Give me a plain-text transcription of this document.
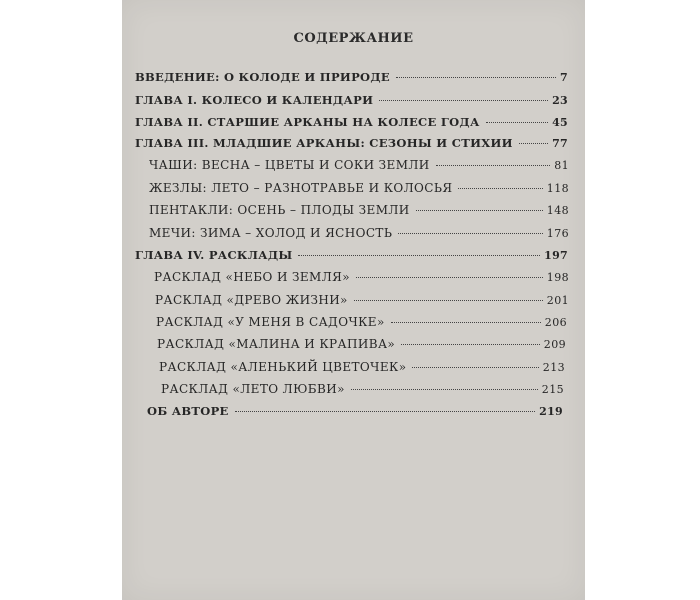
СОДЕРЖАНИЕ
ВВЕДЕНИЕ: О КОЛОДЕ И ПРИРОДЕ	7
ГЛАВА I. КОЛЕСО И КАЛЕНДАРИ	23
ГЛАВА II. СТАРШИЕ АРКАНЫ НА КОЛЕСЕ ГОДА	45
ГЛАВА III. МЛАДШИЕ АРКАНЫ: СЕЗОНЫ И СТИХИИ	77
ЧАШИ: ВЕСНА – ЦВЕТЫ И СОКИ ЗЕМЛИ	81
ЖЕЗЛЫ: ЛЕТО – РАЗНОТРАВЬЕ И КОЛОСЬЯ	118
ПЕНТАКЛИ: ОСЕНЬ – ПЛОДЫ ЗЕМЛИ	148
МЕЧИ: ЗИМА – ХОЛОД И ЯСНОСТЬ	176
ГЛАВА IV. РАСКЛАДЫ	197
РАСКЛАД «НЕБО И ЗЕМЛЯ»	198
РАСКЛАД «ДРЕВО ЖИЗНИ»	201
РАСКЛАД «У МЕНЯ В САДОЧКЕ»	206
РАСКЛАД «МАЛИНА И КРАПИВА»	209
РАСКЛАД «АЛЕНЬКИЙ ЦВЕТОЧЕК»	213
РАСКЛАД «ЛЕТО ЛЮБВИ»	215
ОБ АВТОРЕ	219
